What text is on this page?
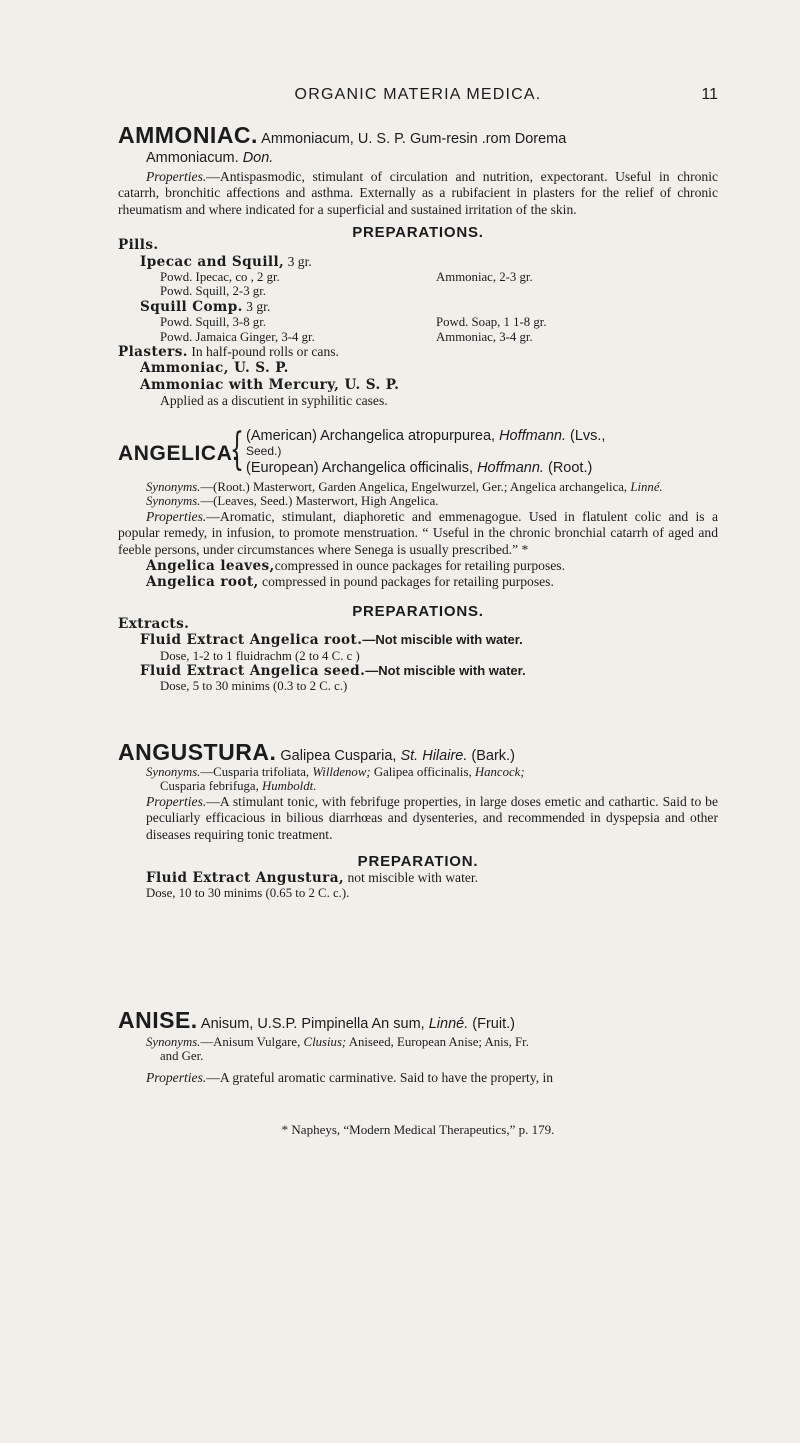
ORGANIC MATERIA MEDICA.	11
AMMONIAC. Ammoniacum, U. S. P. Gum-resin .rom Dorema
Ammoniacum. Don.

Properties.—Antispasmodic, stimulant of circulation and nutrition, expectorant. Useful in chronic catarrh, bronchitic affections and asthma. Externally as a rubifacient in plasters for the relief of chronic rheumatism and where indicated for a superficial and sustained irritation of the skin.

PREPARATIONS.
Pills.
Ipecac and Squill, 3 gr.
Powd. Ipecac, co , 2 gr.	Ammoniac, 2-3 gr.
Powd. Squill, 2-3 gr.
Squill Comp. 3 gr.
Powd. Squill, 3-8 gr.	Powd. Soap, 1 1-8 gr.
Powd. Jamaica Ginger, 3-4 gr.	Ammoniac, 3-4 gr.
Plasters. In half-pound rolls or cans.
Ammoniac, U. S. P.
Ammoniac with Mercury, U. S. P.
Applied as a discutient in syphilitic cases.
ANGELICA.
{ (American) Archangelica atropurpurea, Hoffmann. (Lvs.,
Seed.)
(European) Archangelica officinalis, Hoffmann. (Root.)

Synonyms.—(Root.) Masterwort, Garden Angelica, Engelwurzel, Ger.; Angelica archangelica, Linné.

Synonyms.—(Leaves, Seed.) Masterwort, High Angelica.

Properties.—Aromatic, stimulant, diaphoretic and emmenagogue. Used in flatulent colic and is a popular remedy, in infusion, to promote menstruation. “ Useful in the chronic bronchial catarrh of aged and feeble persons, under circumstances where Senega is usually prescribed.” *

Angelica leaves,compressed in ounce packages for retailing purposes.
Angelica root, compressed in pound packages for retailing purposes.
PREPARATIONS.
Extracts.
Fluid Extract Angelica root.—Not miscible with water.
Dose, 1-2 to 1 fluidrachm (2 to 4 C. c )
Fluid Extract Angelica seed.—Not miscible with water.
Dose, 5 to 30 minims (0.3 to 2 C. c.)
ANGUSTURA. Galipea Cusparia, St. Hilaire. (Bark.)

Synonyms.—Cusparia trifoliata, Willdenow; Galipea officinalis, Hancock;

Cusparia febrifuga, Humboldt.

Properties.—A stimulant tonic, with febrifuge properties, in large doses emetic and cathartic. Said to be peculiarly efficacious in bilious diarrhœas and dysenteries, and recommended in dyspepsia and other diseases requiring tonic treatment.

PREPARATION.
Fluid Extract Angustura, not miscible with water.
Dose, 10 to 30 minims (0.65 to 2 C. c.).
ANISE. Anisum, U.S.P. Pimpinella An sum, Linné. (Fruit.)

Synonyms.—Anisum Vulgare, Clusius; Aniseed, European Anise; Anis, Fr.

and Ger.

Properties.—A grateful aromatic carminative. Said to have the property, in

* Napheys, “Modern Medical Therapeutics,” p. 179.
